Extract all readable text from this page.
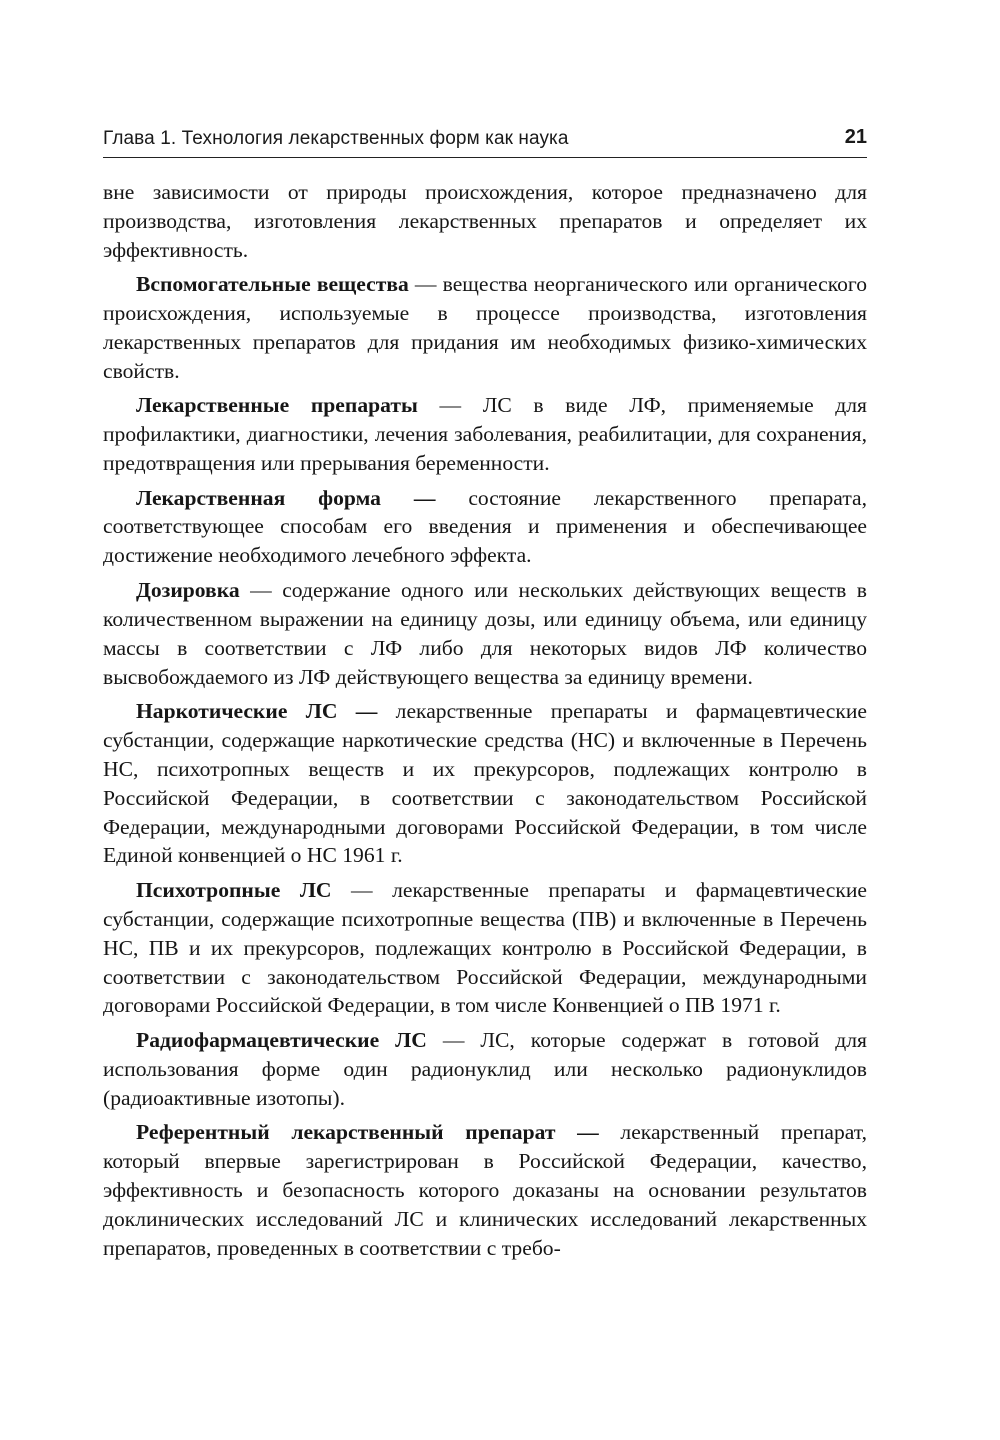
Глава 1. Технология лекарственных форм как наука	21

вне зависимости от природы происхождения, которое предназначено для производства, изготовления лекарственных препаратов и определяет их эффективность.

Вспомогательные вещества — вещества неорганического или органического происхождения, используемые в процессе производства, изготовления лекарственных препаратов для придания им необходимых физико-химических свойств.

Лекарственные препараты — ЛС в виде ЛФ, применяемые для профилактики, диагностики, лечения заболевания, реабилитации, для сохранения, предотвращения или прерывания беременности.

Лекарственная форма — состояние лекарственного препарата, соответствующее способам его введения и применения и обеспечивающее достижение необходимого лечебного эффекта.

Дозировка — содержание одного или нескольких действующих веществ в количественном выражении на единицу дозы, или единицу объема, или единицу массы в соответствии с ЛФ либо для некоторых видов ЛФ количество высвобождаемого из ЛФ действующего вещества за единицу времени.

Наркотические ЛС — лекарственные препараты и фармацевтические субстанции, содержащие наркотические средства (НС) и включенные в Перечень НС, психотропных веществ и их прекурсоров, подлежащих контролю в Российской Федерации, в соответствии с законодательством Российской Федерации, международными договорами Российской Федерации, в том числе Единой конвенцией о НС 1961 г.

Психотропные ЛС — лекарственные препараты и фармацевтические субстанции, содержащие психотропные вещества (ПВ) и включенные в Перечень НС, ПВ и их прекурсоров, подлежащих контролю в Российской Федерации, в соответствии с законодательством Российской Федерации, международными договорами Российской Федерации, в том числе Конвенцией о ПВ 1971 г.

Радиофармацевтические ЛС — ЛС, которые содержат в готовой для использования форме один радионуклид или несколько радионуклидов (радиоактивные изотопы).

Референтный лекарственный препарат — лекарственный препарат, который впервые зарегистрирован в Российской Федерации, качество, эффективность и безопасность которого доказаны на основании результатов доклинических исследований ЛС и клинических исследований лекарственных препаратов, проведенных в соответствии с требо-
